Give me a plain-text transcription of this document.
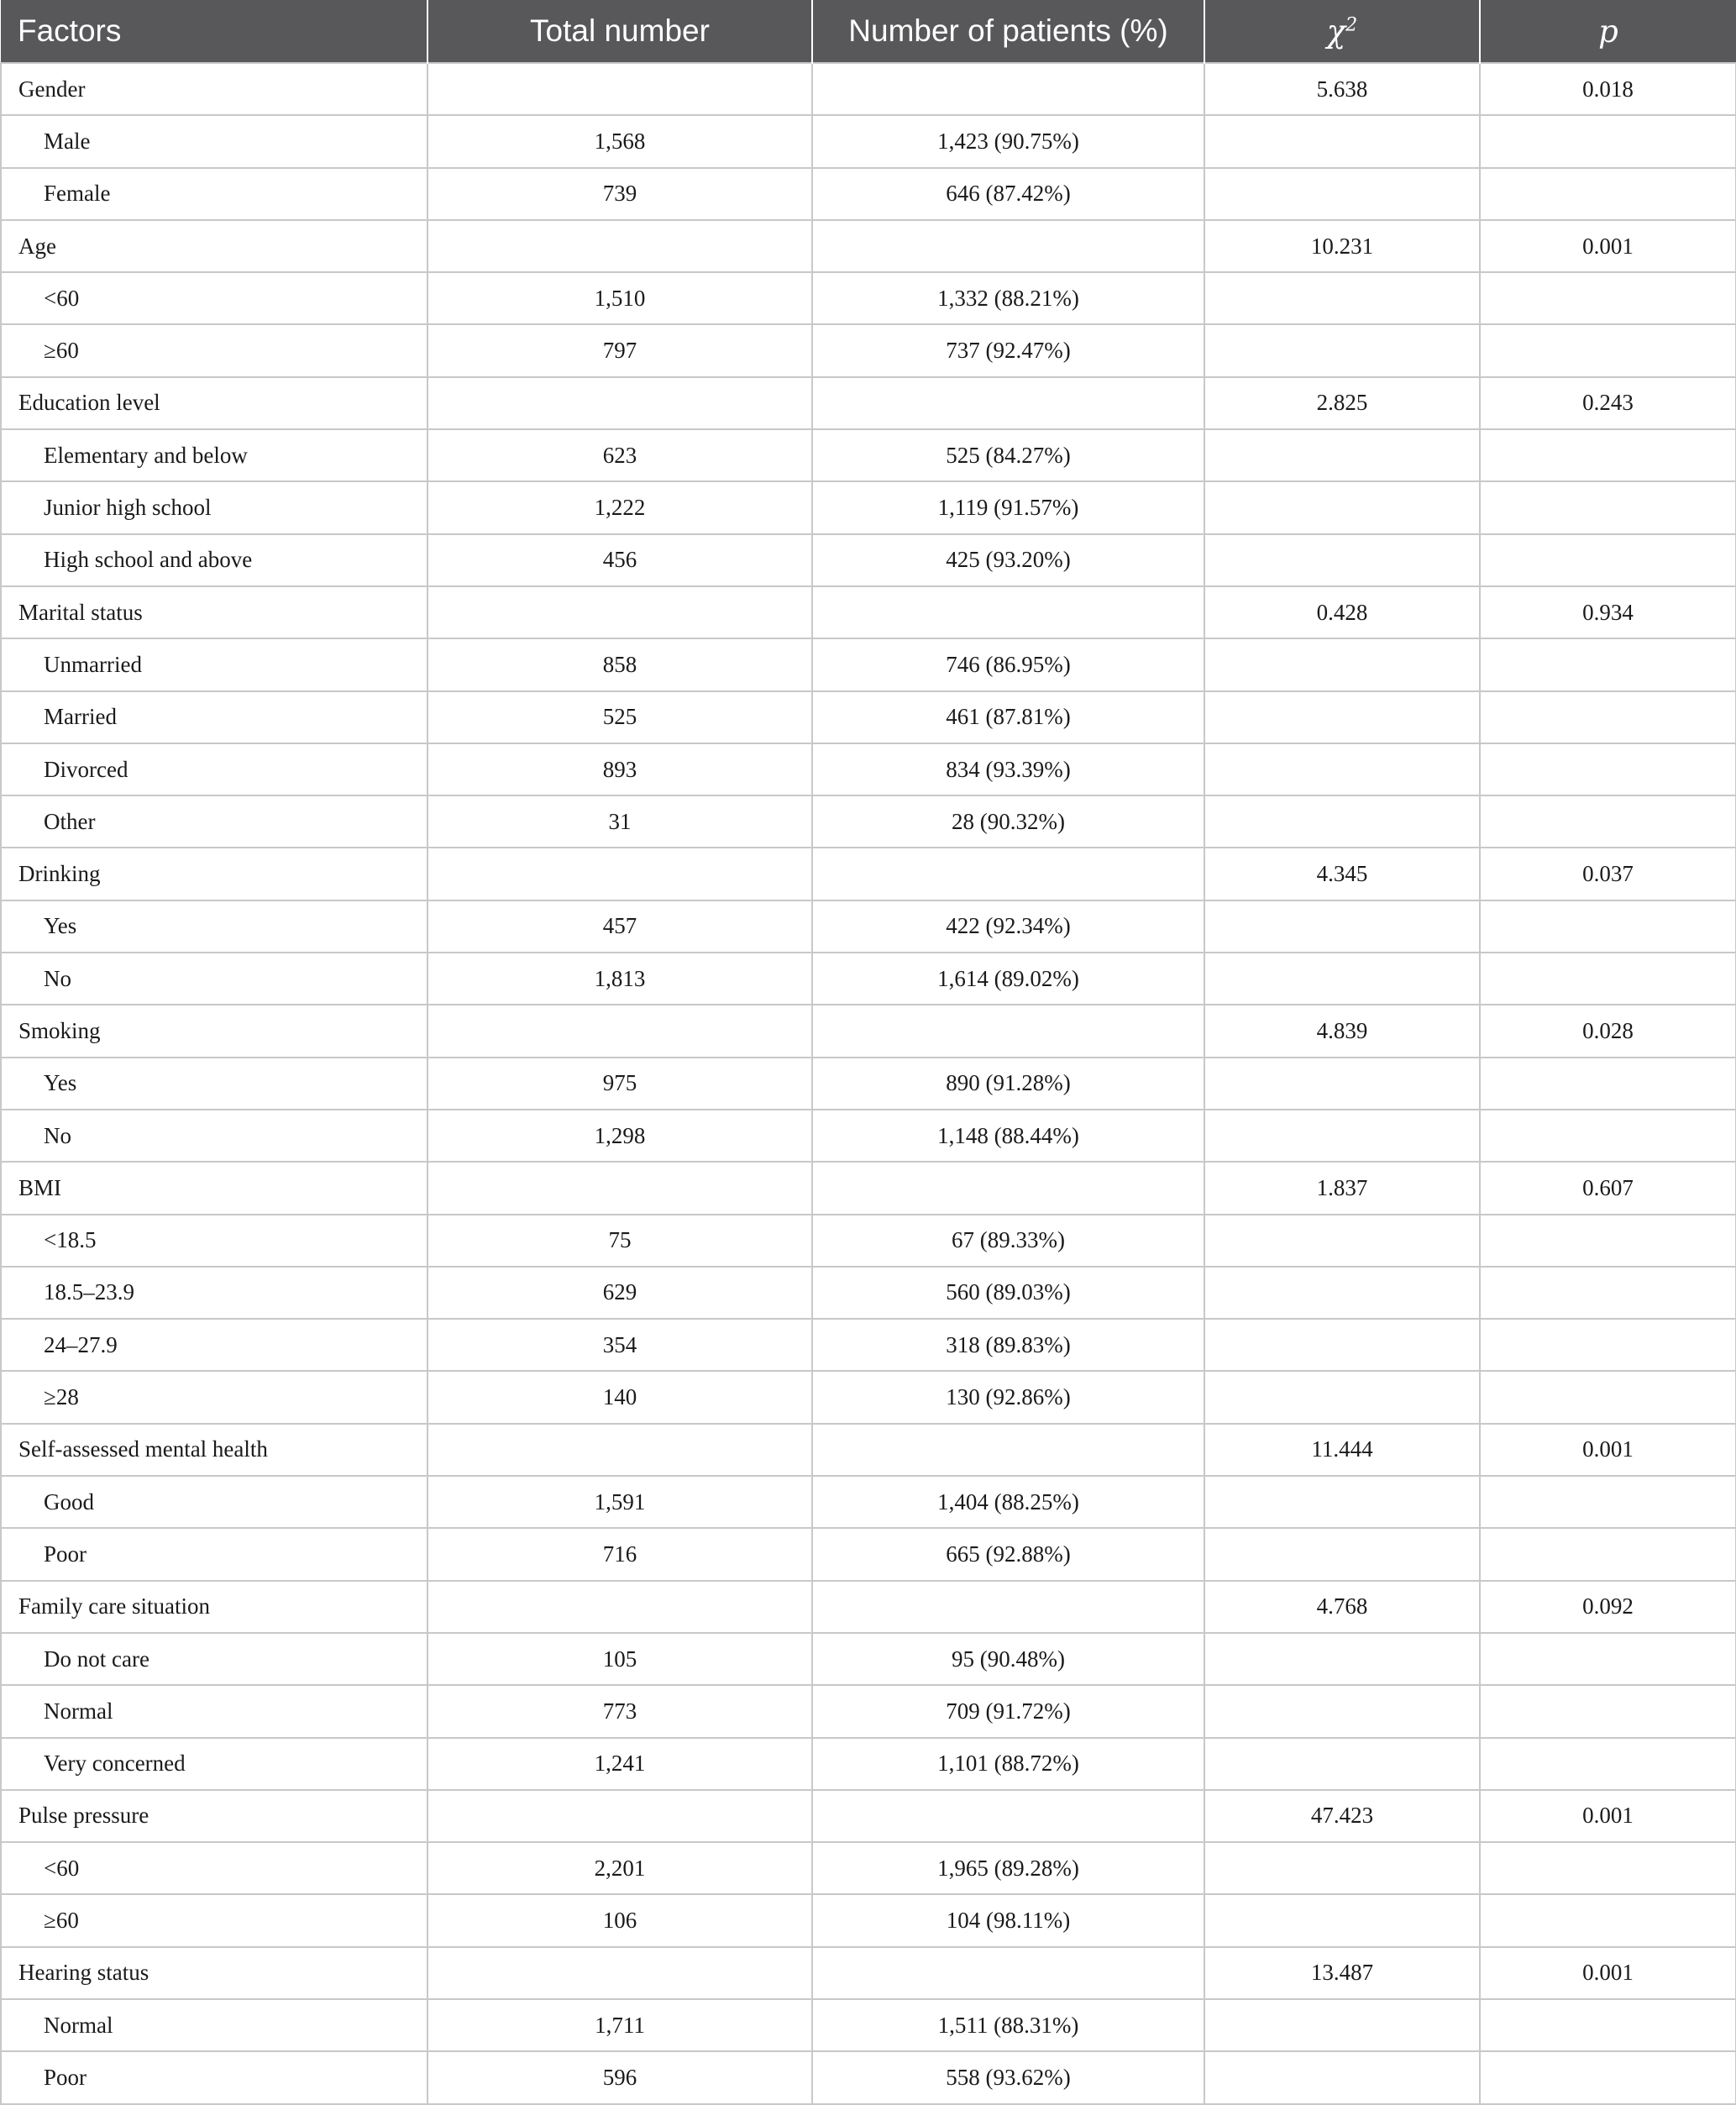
Factors	Total number	Number of patients (%)	$\chi^2$	p
Gender			5.638	0.018
Male	1,568	1,423 (90.75%)		
Female	739	646 (87.42%)		
Age			10.231	0.001
<60	1,510	1,332 (88.21%)		
≥60	797	737 (92.47%)		
Education level			2.825	0.243
Elementary and below	623	525 (84.27%)		
Junior high school	1,222	1,119 (91.57%)		
High school and above	456	425 (93.20%)		
Marital status			0.428	0.934
Unmarried	858	746 (86.95%)		
Married	525	461 (87.81%)		
Divorced	893	834 (93.39%)		
Other	31	28 (90.32%)		
Drinking			4.345	0.037
Yes	457	422 (92.34%)		
No	1,813	1,614 (89.02%)		
Smoking			4.839	0.028
Yes	975	890 (91.28%)		
No	1,298	1,148 (88.44%)		
BMI			1.837	0.607
<18.5	75	67 (89.33%)		
18.5–23.9	629	560 (89.03%)		
24–27.9	354	318 (89.83%)		
≥28	140	130 (92.86%)		
Self-assessed mental health			11.444	0.001
Good	1,591	1,404 (88.25%)		
Poor	716	665 (92.88%)		
Family care situation			4.768	0.092
Do not care	105	95 (90.48%)		
Normal	773	709 (91.72%)		
Very concerned	1,241	1,101 (88.72%)		
Pulse pressure			47.423	0.001
<60	2,201	1,965 (89.28%)		
≥60	106	104 (98.11%)		
Hearing status			13.487	0.001
Normal	1,711	1,511 (88.31%)		
Poor	596	558 (93.62%)		
